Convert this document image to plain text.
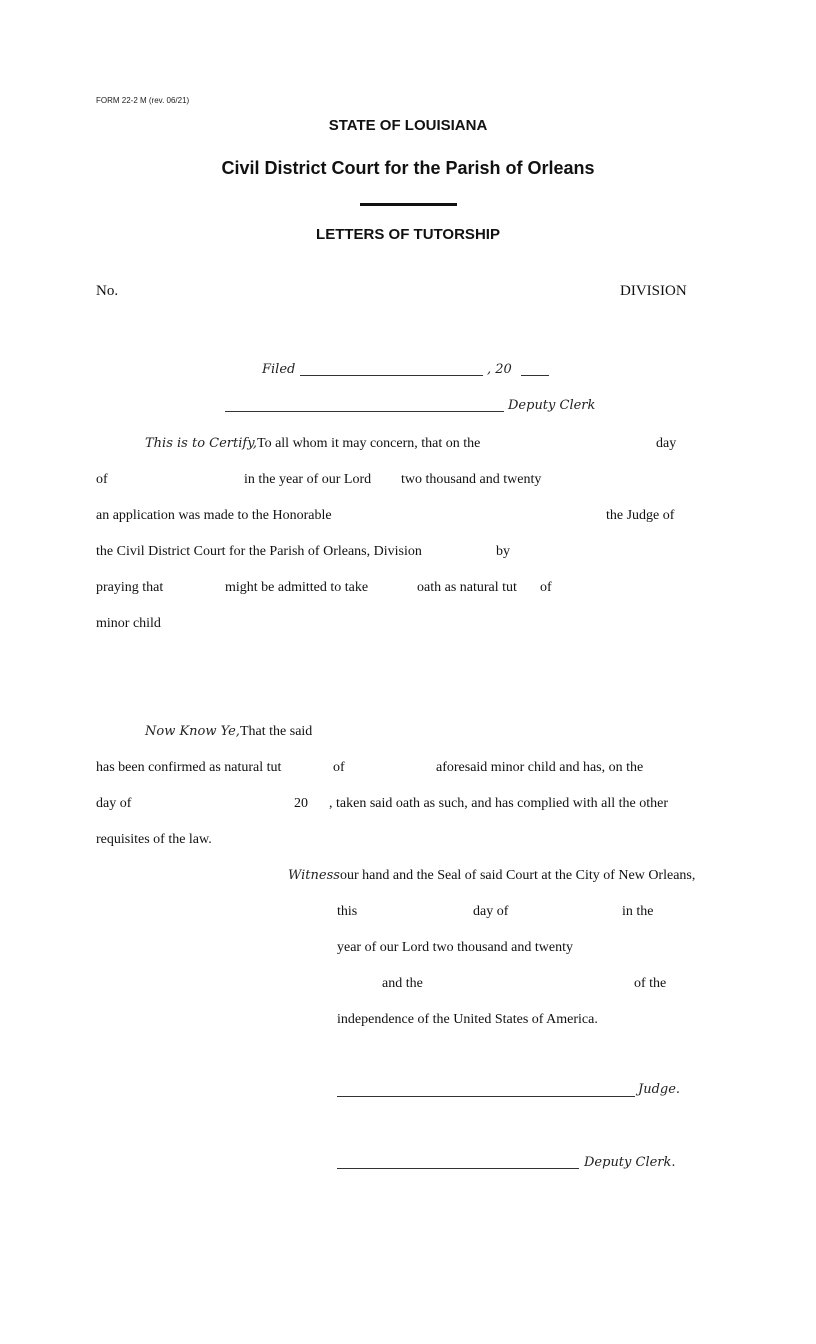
FORM 22-2 M (rev. 06/21)
STATE OF LOUISIANA
Civil District Court for the Parish of Orleans
LETTERS OF TUTORSHIP
No.	DIVISION
Filed	, 20
Deputy Clerk
This is to Certify, To all whom it may concern, that on the	day
of	in the year of our Lord two thousand and twenty
an application was made to the Honorable	the Judge of
the Civil District Court for the Parish of Orleans, Division	by
praying that	might be admitted to take	oath as natural tut of
minor child
Now Know Ye, That the said
has been confirmed as natural tut	of	aforesaid minor child and has, on the
day of	20 , taken said oath as such, and has complied with all the other
requisites of the law.
Witness our hand and the Seal of said Court at the City of New Orleans,
this	day of	in the
year of our Lord two thousand and twenty
and the	of the
independence of the United States of America.
Judge.
Deputy Clerk.
